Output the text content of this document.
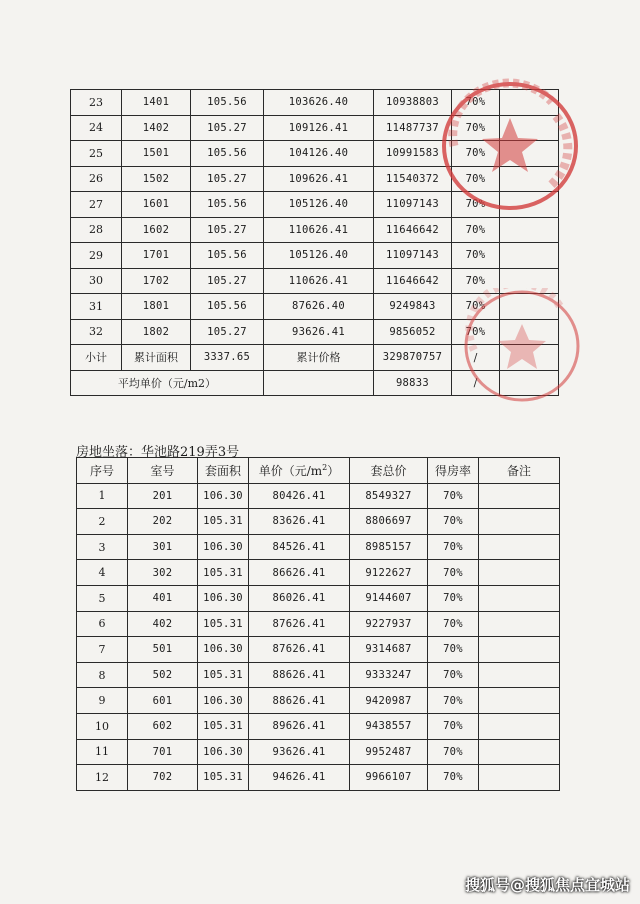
23	1401	105.56	103626.40	10938803	70%	
24	1402	105.27	109126.41	11487737	70%	
25	1501	105.56	104126.40	10991583	70%	
26	1502	105.27	109626.41	11540372	70%	
27	1601	105.56	105126.40	11097143	70%	
28	1602	105.27	110626.41	11646642	70%	
29	1701	105.56	105126.40	11097143	70%	
30	1702	105.27	110626.41	11646642	70%	
31	1801	105.56	87626.40	9249843	70%	
32	1802	105.27	93626.41	9856052	70%	
小计	累计面积	3337.65	累计价格	329870757	/	
平均单价（元/m2）				98833	/	
房地坐落：华池路219弄3号
序号	室号	套面积	单价（元$/m^2$）	套总价	得房率	备注
1	201	106.30	80426.41	8549327	70%	
2	202	105.31	83626.41	8806697	70%	
3	301	106.30	84526.41	8985157	70%	
4	302	105.31	86626.41	9122627	70%	
5	401	106.30	86026.41	9144607	70%	
6	402	105.31	87626.41	9227937	70%	
7	501	106.30	87626.41	9314687	70%	
8	502	105.31	88626.41	9333247	70%	
9	601	106.30	88626.41	9420987	70%	
10	602	105.31	89626.41	9438557	70%	
11	701	106.30	93626.41	9952487	70%	
12	702	105.31	94626.41	9966107	70%	
搜狐号@搜狐焦点宜城站
